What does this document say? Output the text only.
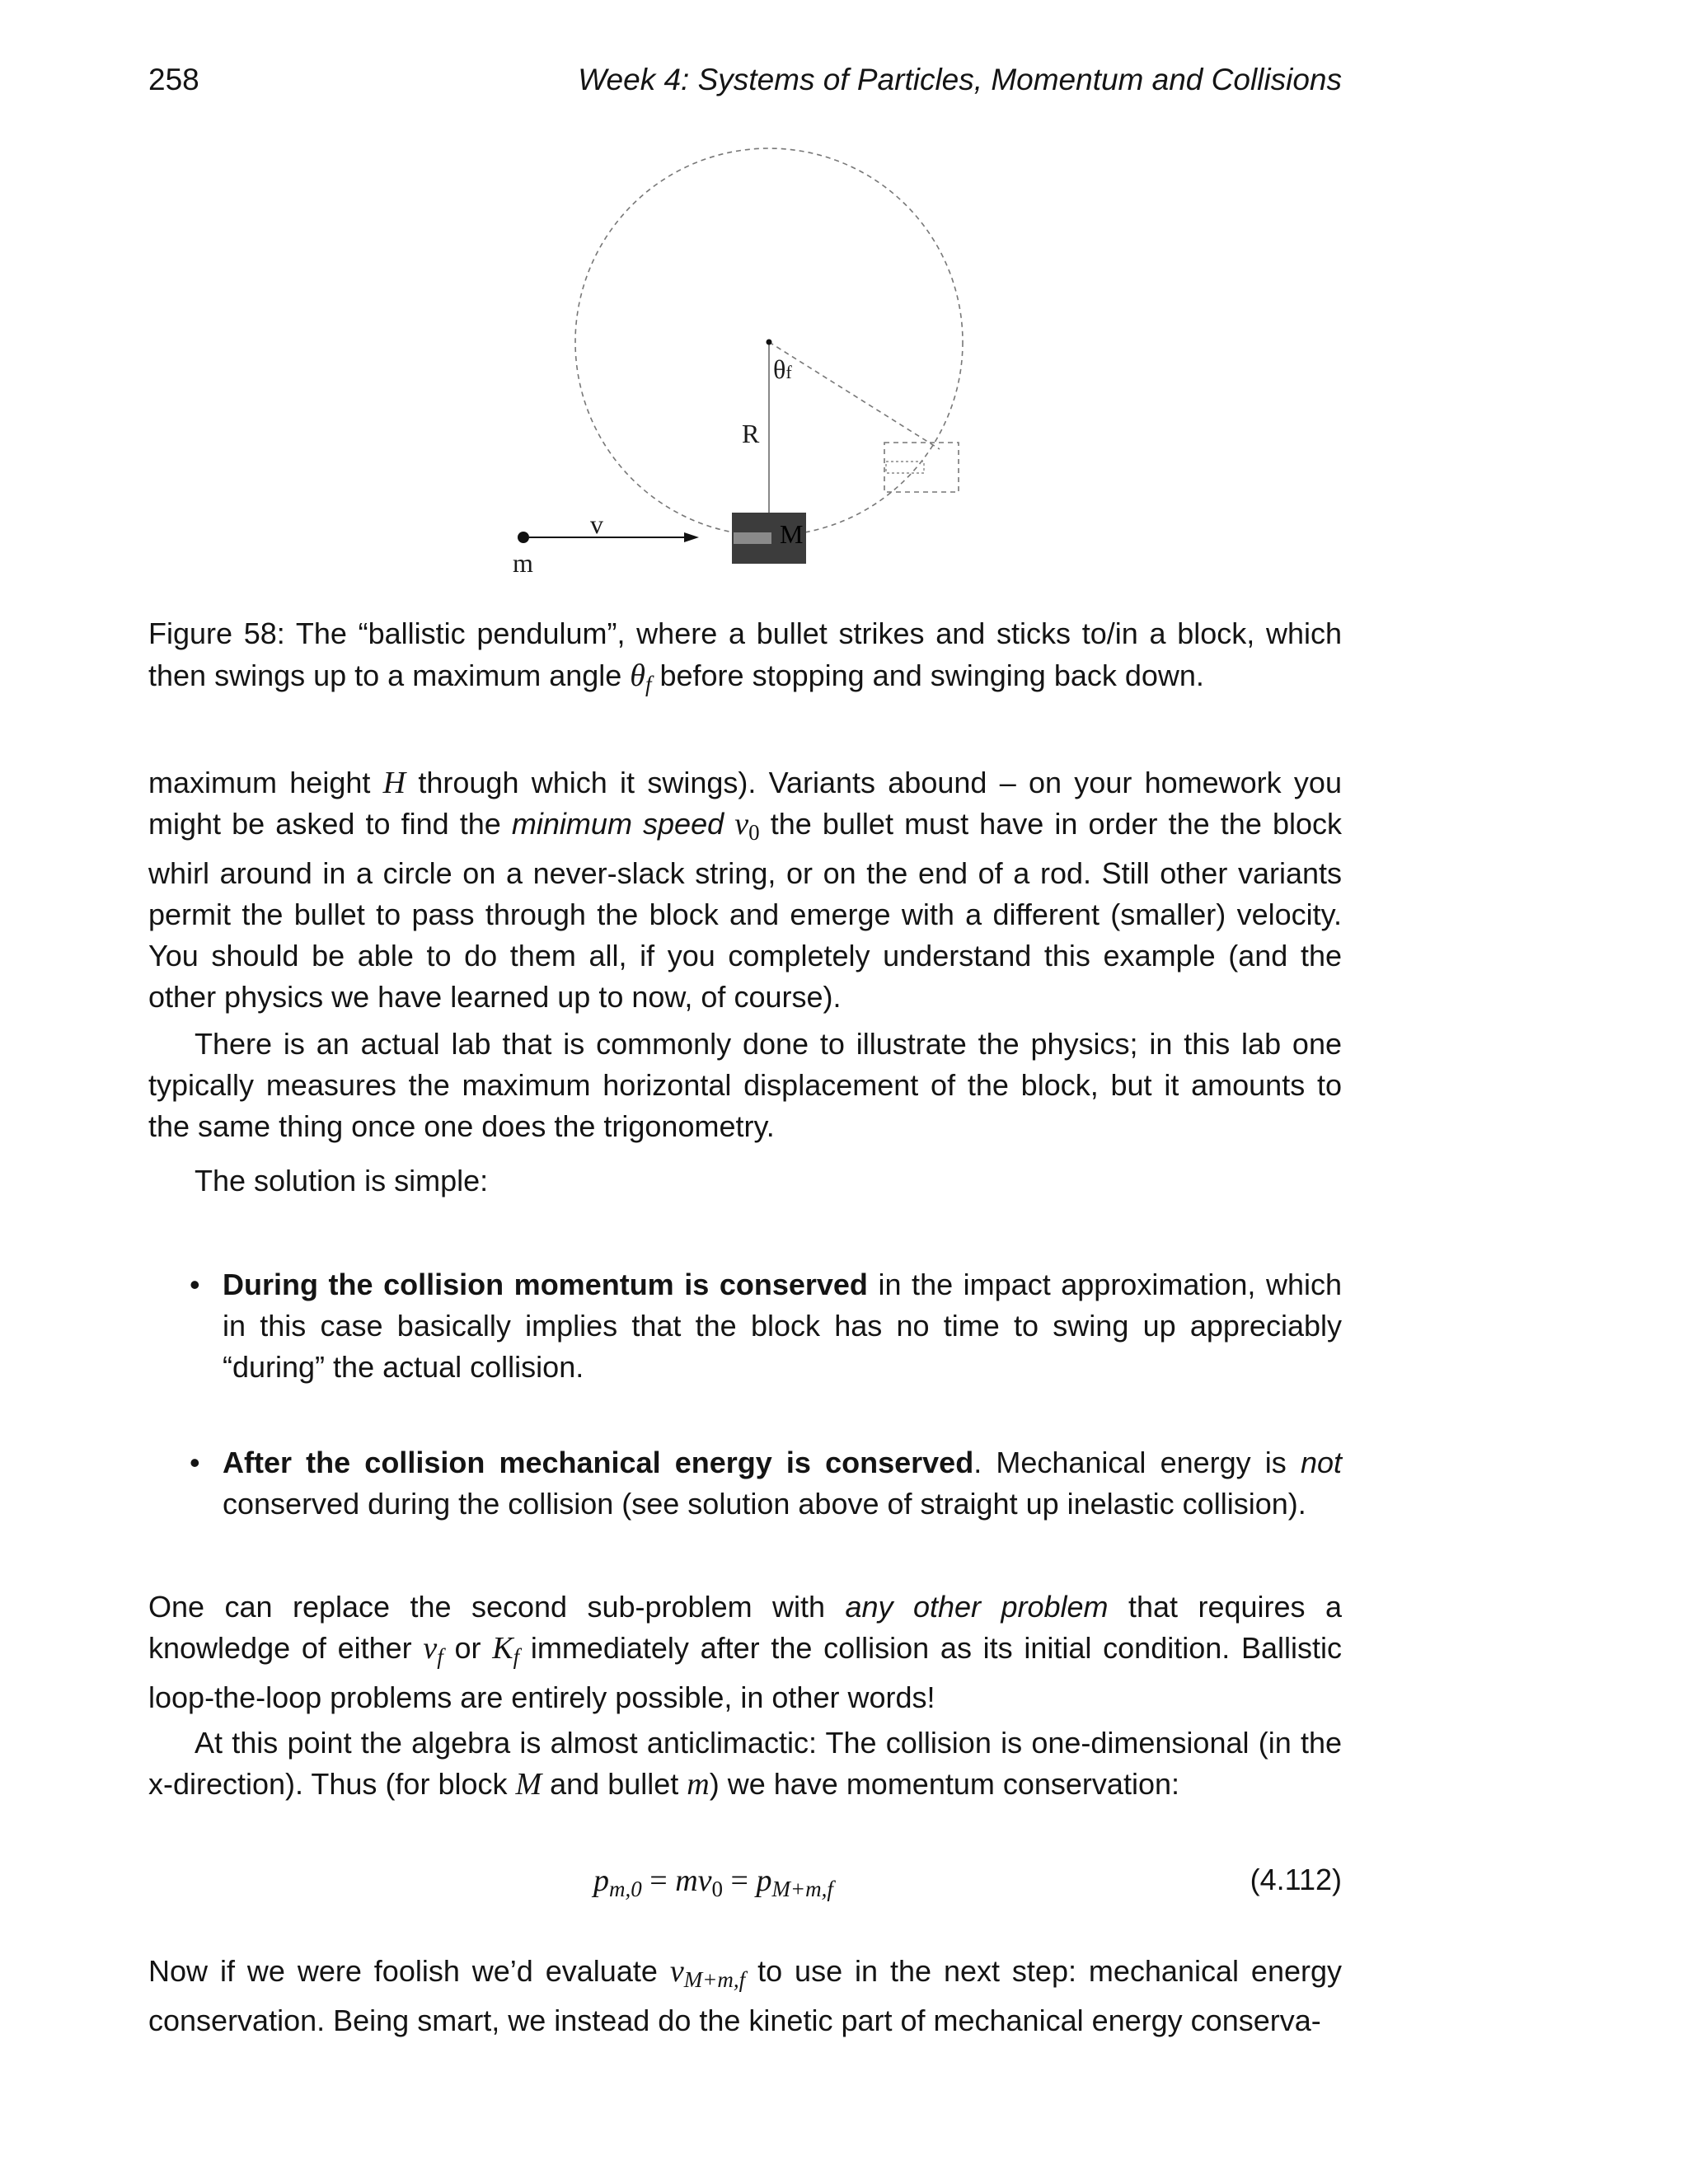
258	Week 4: Systems of Particles, Momentum and Collisions
θf
R
v
m
M
Figure 58: The “ballistic pendulum”, where a bullet strikes and sticks to/in a block, which then swings up to a maximum angle $\theta_f$ before stopping and swinging back down.

maximum height H through which it swings). Variants abound – on your homework you might be asked to find the minimum speed $v_0$ the bullet must have in order the the block whirl around in a circle on a never-slack string, or on the end of a rod. Still other variants permit the bullet to pass through the block and emerge with a different (smaller) velocity. You should be able to do them all, if you completely understand this example (and the other physics we have learned up to now, of course).

There is an actual lab that is commonly done to illustrate the physics; in this lab one typically measures the maximum horizontal displacement of the block, but it amounts to the same thing once one does the trigonometry.

The solution is simple:

• During the collision momentum is conserved in the impact approximation, which in this case basically implies that the block has no time to swing up appreciably “during” the actual collision.
• After the collision mechanical energy is conserved. Mechanical energy is not conserved during the collision (see solution above of straight up inelastic collision).

One can replace the second sub-problem with any other problem that requires a knowledge of either $v_f$ or $K_f$ immediately after the collision as its initial condition. Ballistic loop-the-loop problems are entirely possible, in other words!

At this point the algebra is almost anticlimactic: The collision is one-dimensional (in the x-direction). Thus (for block M and bullet m) we have momentum conservation:

$p_{m,0} = mv_0 = p_{M+m,f}$	(4.112)

Now if we were foolish we’d evaluate $v_{M+m,f}$ to use in the next step: mechanical energy conservation. Being smart, we instead do the kinetic part of mechanical energy conserva-
